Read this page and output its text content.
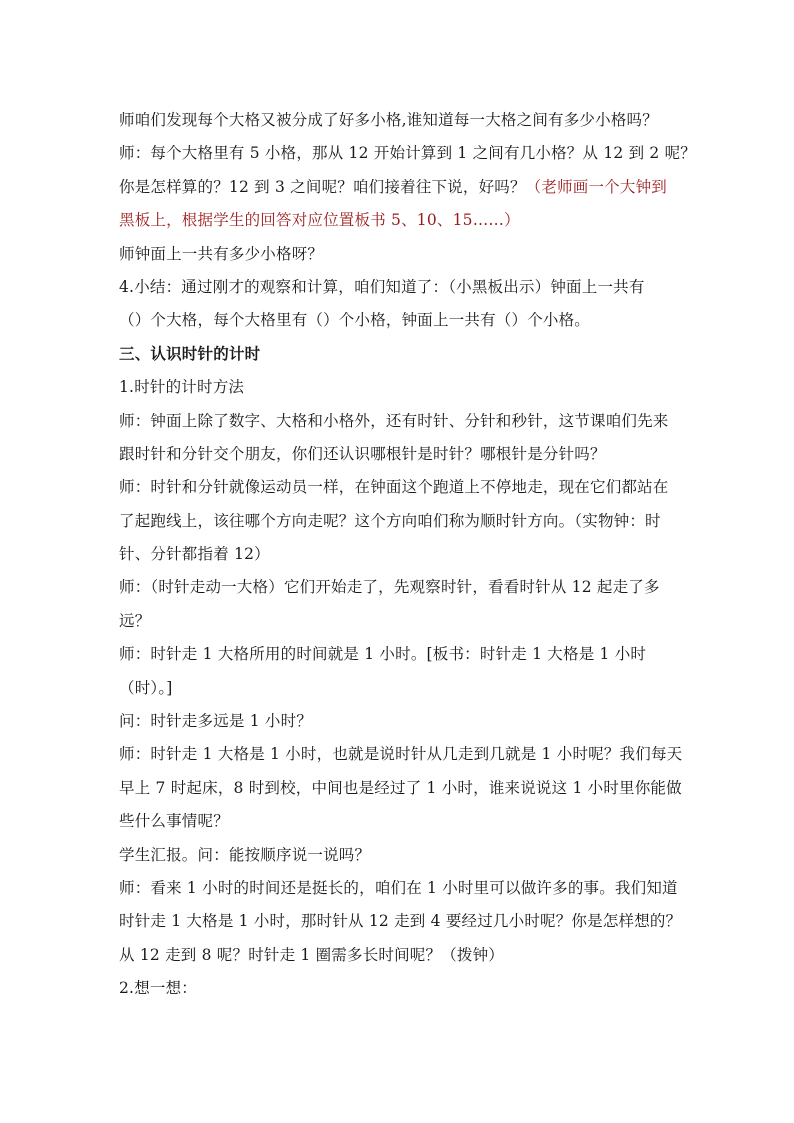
师咱们发现每个大格又被分成了好多小格,谁知道每一大格之间有多少小格吗？
师：每个大格里有 5 小格，那从 12 开始计算到 1 之间有几小格？从 12 到 2 呢？
你是怎样算的？12 到 3 之间呢？咱们接着往下说，好吗？（老师画一个大钟到
黑板上，根据学生的回答对应位置板书 5、10、15……）
师钟面上一共有多少小格呀？
4.小结：通过刚才的观察和计算，咱们知道了：（小黑板出示）钟面上一共有
（）个大格，每个大格里有（）个小格，钟面上一共有（）个小格。
三、认识时针的计时
1.时针的计时方法
师：钟面上除了数字、大格和小格外，还有时针、分针和秒针，这节课咱们先来
跟时针和分针交个朋友，你们还认识哪根针是时针？哪根针是分针吗？
师：时针和分针就像运动员一样，在钟面这个跑道上不停地走，现在它们都站在
了起跑线上，该往哪个方向走呢？这个方向咱们称为顺时针方向。（实物钟：时
针、分针都指着 12）
师：（时针走动一大格）它们开始走了，先观察时针，看看时针从 12 起走了多
远？
师：时针走 1 大格所用的时间就是 1 小时。[板书：时针走 1 大格是 1 小时
（时）。]
问：时针走多远是 1 小时？
师：时针走 1 大格是 1 小时，也就是说时针从几走到几就是 1 小时呢？我们每天
早上 7 时起床，8 时到校，中间也是经过了 1 小时，谁来说说这 1 小时里你能做
些什么事情呢？
学生汇报。问：能按顺序说一说吗？
师：看来 1 小时的时间还是挺长的，咱们在 1 小时里可以做许多的事。我们知道
时针走 1 大格是 1 小时，那时针从 12 走到 4 要经过几小时呢？你是怎样想的？
从 12 走到 8 呢？时针走 1 圈需多长时间呢？（拨钟）
2.想一想：
